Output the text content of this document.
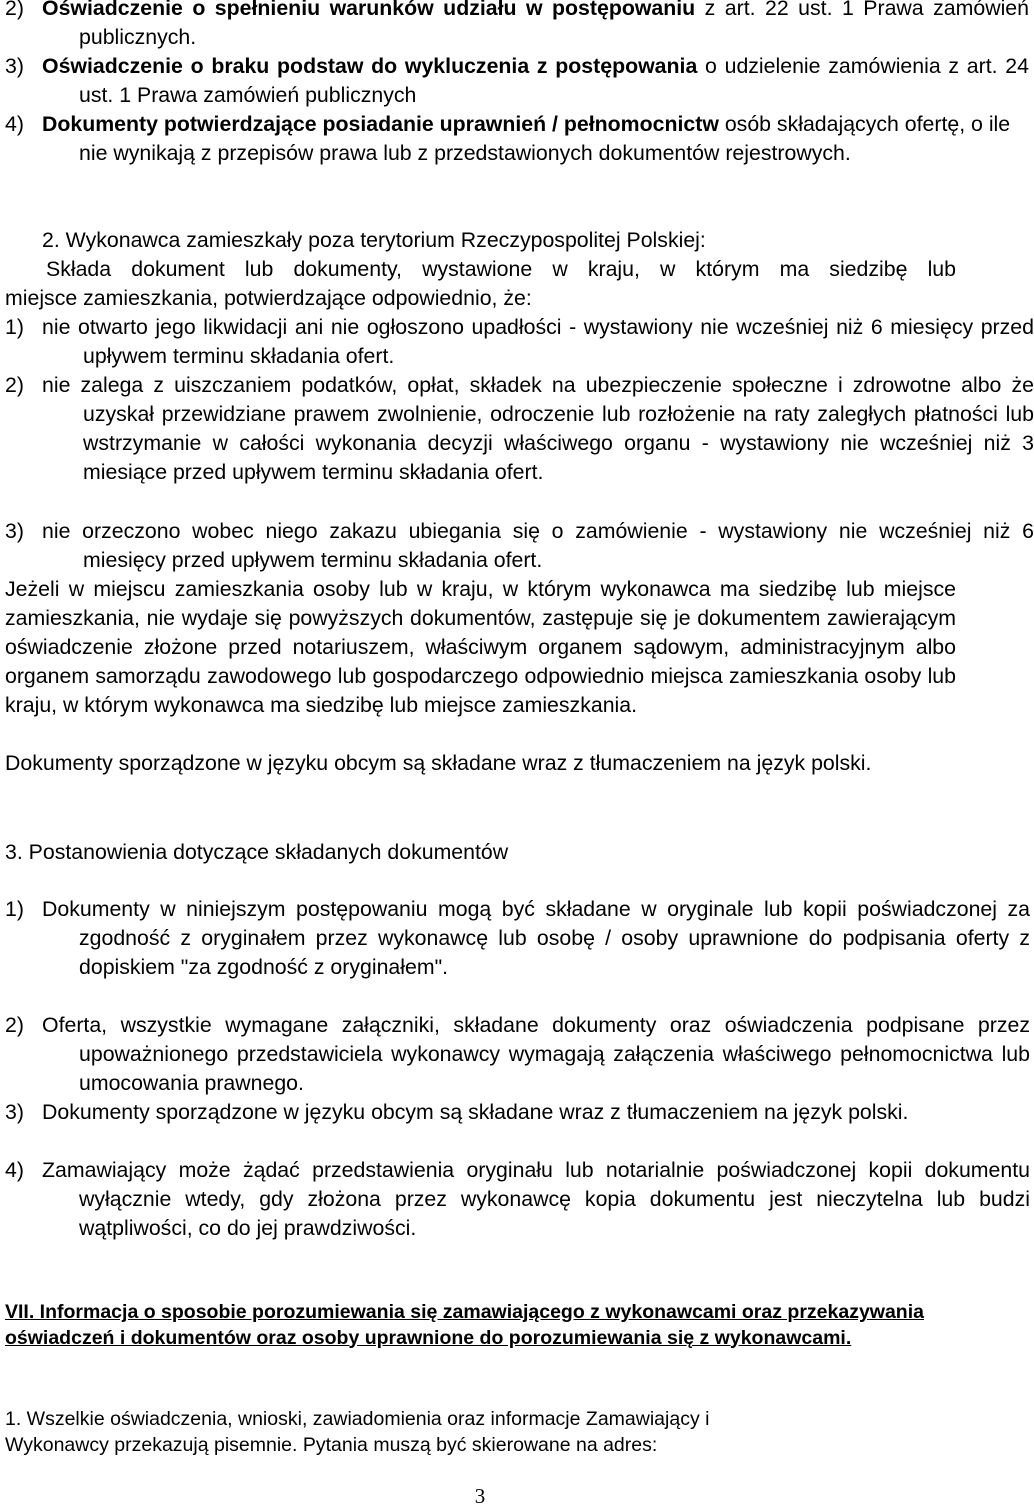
2) Oświadczenie o spełnieniu warunków udziału w postępowaniu z art. 22 ust. 1 Prawa zamówień publicznych.

3) Oświadczenie o braku podstaw do wykluczenia z postępowania o udzielenie zamówienia z art. 24 ust. 1 Prawa zamówień publicznych

4) Dokumenty potwierdzające posiadanie uprawnień / pełnomocnictw osób składających ofertę, o ile nie wynikają z przepisów prawa lub z przedstawionych dokumentów rejestrowych.

2. Wykonawca zamieszkały poza terytorium Rzeczypospolitej Polskiej:

Składa dokument lub dokumenty, wystawione w kraju, w którym ma siedzibę lub

miejsce zamieszkania, potwierdzające odpowiednio, że:

1) nie otwarto jego likwidacji ani nie ogłoszono upadłości - wystawiony nie wcześniej niż 6 miesięcy przed upływem terminu składania ofert.

2) nie zalega z uiszczaniem podatków, opłat, składek na ubezpieczenie społeczne i zdrowotne albo że uzyskał przewidziane prawem zwolnienie, odroczenie lub rozłożenie na raty zaległych płatności lub wstrzymanie w całości wykonania decyzji właściwego organu - wystawiony nie wcześniej niż 3 miesiące przed upływem terminu składania ofert.

3) nie orzeczono wobec niego zakazu ubiegania się o zamówienie - wystawiony nie wcześniej niż 6 miesięcy przed upływem terminu składania ofert.

Jeżeli w miejscu zamieszkania osoby lub w kraju, w którym wykonawca ma siedzibę lub miejsce zamieszkania, nie wydaje się powyższych dokumentów, zastępuje się je dokumentem zawierającym oświadczenie złożone przed notariuszem, właściwym organem sądowym, administracyjnym albo organem samorządu zawodowego lub gospodarczego odpowiednio miejsca zamieszkania osoby lub kraju, w którym wykonawca ma siedzibę lub miejsce zamieszkania.

Dokumenty sporządzone w języku obcym są składane wraz z tłumaczeniem na język polski.

3. Postanowienia dotyczące składanych dokumentów

1) Dokumenty w niniejszym postępowaniu mogą być składane w oryginale lub kopii poświadczonej za zgodność z oryginałem przez wykonawcę lub osobę / osoby uprawnione do podpisania oferty z dopiskiem "za zgodność z oryginałem".

2) Oferta, wszystkie wymagane załączniki, składane dokumenty oraz oświadczenia podpisane przez upoważnionego przedstawiciela wykonawcy wymagają załączenia właściwego pełnomocnictwa lub umocowania prawnego.

3) Dokumenty sporządzone w języku obcym są składane wraz z tłumaczeniem na język polski.

4) Zamawiający może żądać przedstawienia oryginału lub notarialnie poświadczonej kopii dokumentu wyłącznie wtedy, gdy złożona przez wykonawcę kopia dokumentu jest nieczytelna lub budzi wątpliwości, co do jej prawdziwości.

VII. Informacja o sposobie porozumiewania się zamawiającego z wykonawcami oraz przekazywania oświadczeń i dokumentów oraz osoby uprawnione do porozumiewania się z wykonawcami.

1. Wszelkie oświadczenia, wnioski, zawiadomienia oraz informacje Zamawiający i

Wykonawcy przekazują pisemnie. Pytania muszą być skierowane na adres:

3
